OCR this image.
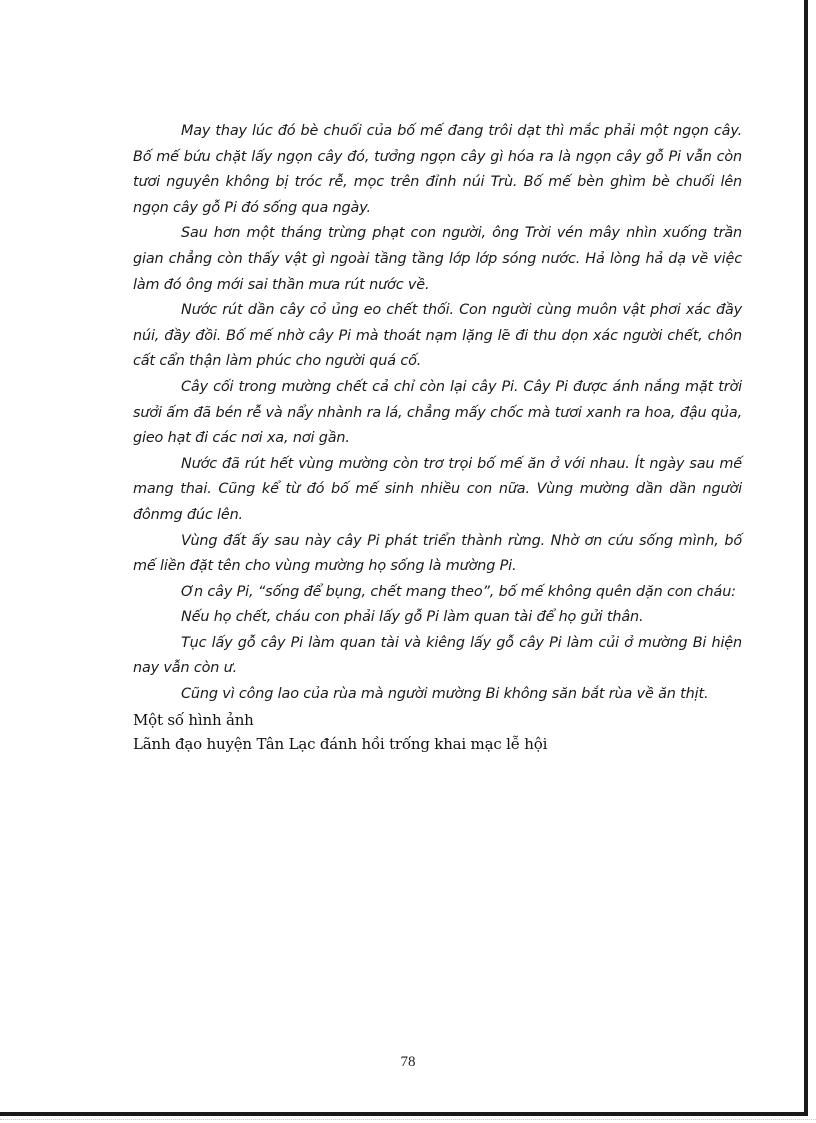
May thay lúc đó bè chuối của bố mế đang trôi dạt thì mắc phải một ngọn cây. Bố mế bứu chặt lấy ngọn cây đó, tưởng ngọn cây gì hóa ra là ngọn cây gỗ Pi vẫn còn tươi nguyên không bị tróc rễ, mọc trên đỉnh núi Trù. Bố mế bèn ghìm bè chuối lên ngọn cây gỗ Pi đó sống qua ngày.

Sau hơn một tháng trừng phạt con người, ông Trời vén mây nhìn xuống trần gian chẳng còn thấy vật gì ngoài tầng tầng lớp lớp sóng nước. Hả lòng hả dạ về việc làm đó ông mới sai thần mưa rút nước về.

Nước rút dần cây cỏ ủng eo chết thối. Con người cùng muôn vật phơi xác đầy núi, đầy đồi. Bố mế nhờ cây Pi mà thoát nạm lặng lẽ đi thu dọn xác người chết, chôn cất cẩn thận làm phúc cho người quá cố.

Cây cối trong mường chết cả chỉ còn lại cây Pi. Cây Pi được ánh nắng mặt trời sưởi ấm đã bén rễ và nẩy nhành ra lá, chẳng mấy chốc mà tươi xanh ra hoa, đậu qủa, gieo hạt đi các nơi xa, nơi gần.

Nước đã rút hết vùng mường còn trơ trọi bố mế ăn ở với nhau. Ít ngày sau mế mang thai. Cũng kể từ đó bố mế sinh nhiều con nữa. Vùng mường dần dần người đônmg đúc lên.

Vùng đất ấy sau này cây Pi phát triển thành rừng. Nhờ ơn cứu sống mình, bố mế liền đặt tên cho vùng mường họ sống là mường Pi.

Ơn cây Pi, “sống để bụng, chết mang theo”, bố mế không quên dặn con cháu:

Nếu họ chết, cháu con phải lấy gỗ Pi làm quan tài để họ gửi thân.

Tục lấy gỗ cây Pi làm quan tài và kiêng lấy gỗ cây Pi làm củi ở mường Bi hiện nay vẫn còn ư.

Cũng vì công lao của rùa mà người mường Bi không săn bắt rùa về ăn thịt.

Một số hình ảnh

Lãnh đạo huyện Tân Lạc đánh hồi trống khai mạc lễ hội

78
